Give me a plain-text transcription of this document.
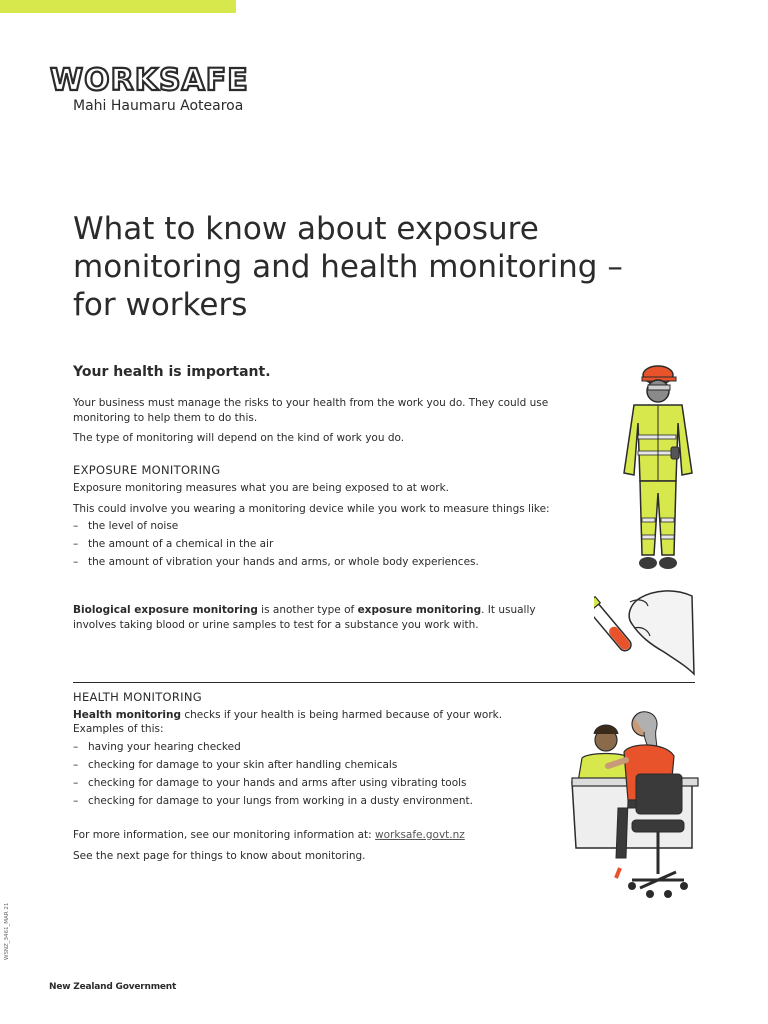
WORKSAFE
Mahi Haumaru Aotearoa
What to know about exposure monitoring and health monitoring – for workers

Your health is important.

Your business must manage the risks to your health from the work you do. They could use monitoring to help them to do this.

The type of monitoring will depend on the kind of work you do.

EXPOSURE MONITORING

Exposure monitoring measures what you are being exposed to at work.

This could involve you wearing a monitoring device while you work to measure things like:

– the level of noise
– the amount of a chemical in the air
– the amount of vibration your hands and arms, or whole body experiences.

Biological exposure monitoring is another type of exposure monitoring. It usually involves taking blood or urine samples to test for a substance you work with.

HEALTH MONITORING

Health monitoring checks if your health is being harmed because of your work.

Examples of this:

– having your hearing checked
– checking for damage to your skin after handling chemicals
– checking for damage to your hands and arms after using vibrating tools
– checking for damage to your lungs from working in a dusty environment.

For more information, see our monitoring information at: worksafe.govt.nz

See the next page for things to know about monitoring.

WSNZ_3461_MAR 21
New Zealand Government
